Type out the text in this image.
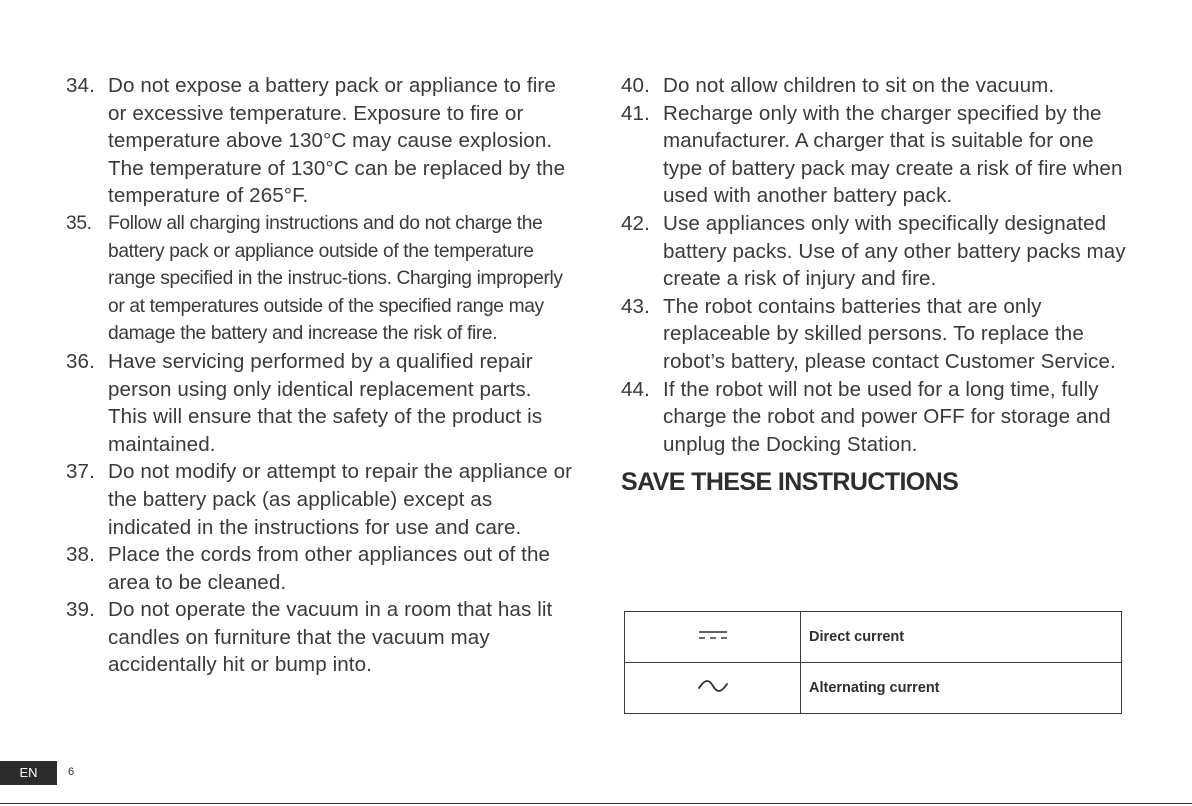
34. Do not expose a battery pack or appliance to fire or excessive temperature. Exposure to fire or temperature above 130°C may cause explosion. The temperature of 130°C can be replaced by the temperature of 265°F.
35. Follow all charging instructions and do not charge the battery pack or appliance outside of the temperature range specified in the instruc-tions. Charging improperly or at temperatures outside of the specified range may damage the battery and increase the risk of fire.
36. Have servicing performed by a qualified repair person using only identical replacement parts. This will ensure that the safety of the product is maintained.
37. Do not modify or attempt to repair the appliance or the battery pack (as applicable) except as indicated in the instructions for use and care.
38. Place the cords from other appliances out of the area to be cleaned.
39. Do not operate the vacuum in a room that has lit candles on furniture that the vacuum may accidentally hit or bump into.
40. Do not allow children to sit on the vacuum.
41. Recharge only with the charger specified by the manufacturer. A charger that is suitable for one type of battery pack may create a risk of fire when used with another battery pack.
42. Use appliances only with specifically designated battery packs. Use of any other battery packs may create a risk of injury and fire.
43. The robot contains batteries that are only replaceable by skilled persons. To replace the robot’s battery, please contact Customer Service.
44. If the robot will not be used for a long time, fully charge the robot and power OFF for storage and unplug the Docking Station.
SAVE THESE INSTRUCTIONS
	Direct current
	Alternating current
EN	6
